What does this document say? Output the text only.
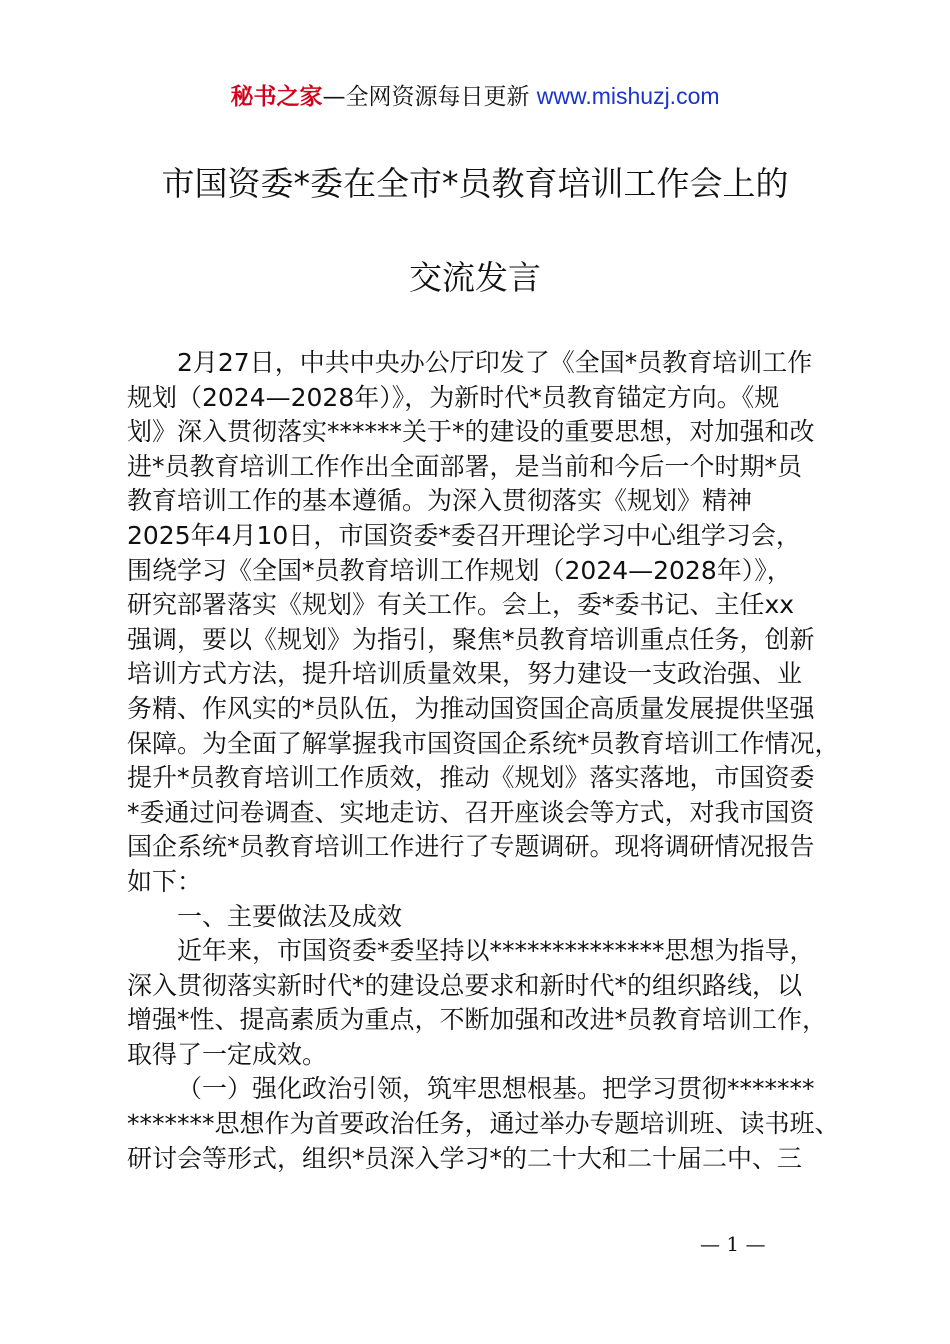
秘书之家—全网资源每日更新 www.mishuzj.com
市国资委*委在全市*员教育培训工作会上的
交流发言
2月27日，中共中央办公厅印发了《全国*员教育培训工作
规划（2024—2028年）》，为新时代*员教育锚定方向。《规
划》深入贯彻落实******关于*的建设的重要思想，对加强和改
进*员教育培训工作作出全面部署，是当前和今后一个时期*员
教育培训工作的基本遵循。为深入贯彻落实《规划》精神
2025年4月10日，市国资委*委召开理论学习中心组学习会，
围绕学习《全国*员教育培训工作规划（2024—2028年）》，
研究部署落实《规划》有关工作。会上，委*委书记、主任xx
强调，要以《规划》为指引，聚焦*员教育培训重点任务，创新
培训方式方法，提升培训质量效果，努力建设一支政治强、业
务精、作风实的*员队伍，为推动国资国企高质量发展提供坚强
保障。为全面了解掌握我市国资国企系统*员教育培训工作情况，
提升*员教育培训工作质效，推动《规划》落实落地，市国资委
*委通过问卷调查、实地走访、召开座谈会等方式，对我市国资
国企系统*员教育培训工作进行了专题调研。现将调研情况报告
如下：
一、主要做法及成效
近年来，市国资委*委坚持以**************思想为指导，
深入贯彻落实新时代*的建设总要求和新时代*的组织路线，以
增强*性、提高素质为重点，不断加强和改进*员教育培训工作，
取得了一定成效。
（一）强化政治引领，筑牢思想根基。把学习贯彻*******
*******思想作为首要政治任务，通过举办专题培训班、读书班、
研讨会等形式，组织*员深入学习*的二十大和二十届二中、三
— 1 —
